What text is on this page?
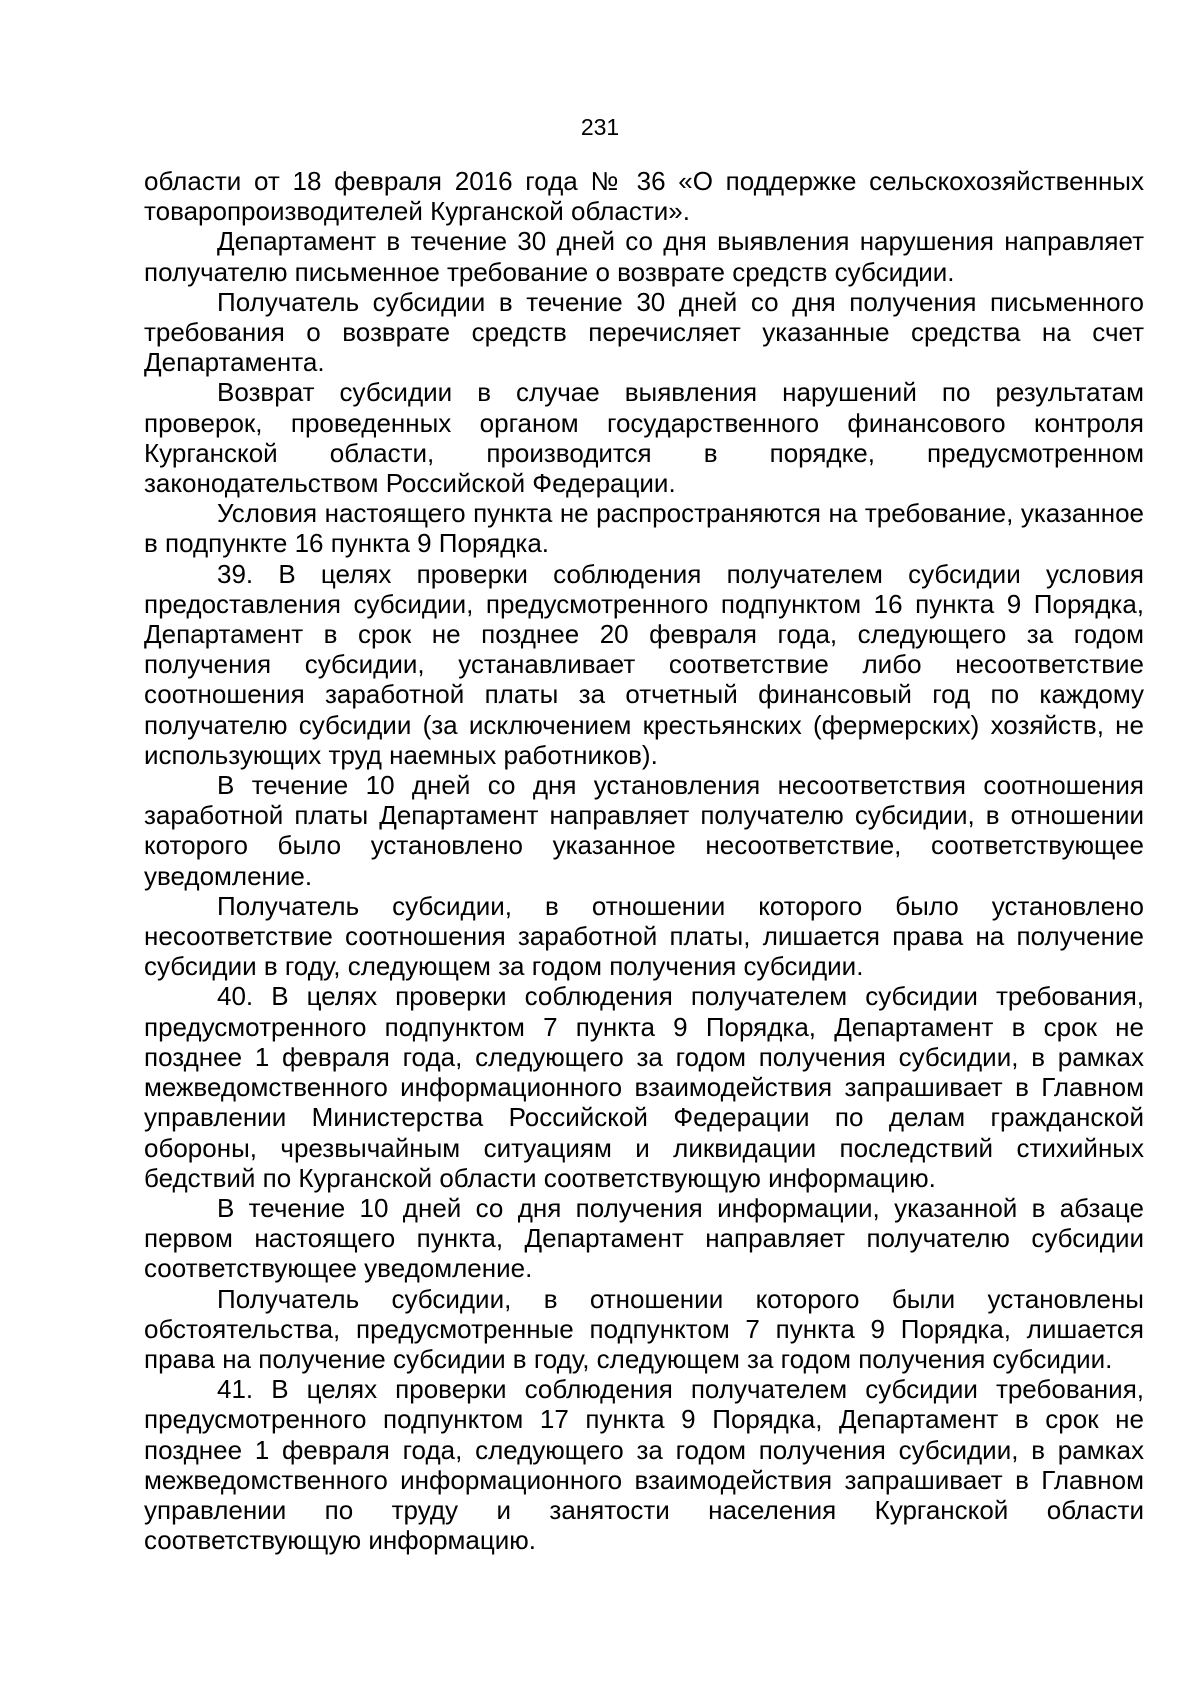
231

области от 18 февраля 2016 года № 36 «О поддержке сельскохозяйственных товаропроизводителей Курганской области».

Департамент в течение 30 дней со дня выявления нарушения направляет получателю письменное требование о возврате средств субсидии.

Получатель субсидии в течение 30 дней со дня получения письменного требования о возврате средств перечисляет указанные средства на счет Департамента.

Возврат субсидии в случае выявления нарушений по результатам проверок, проведенных органом государственного финансового контроля Курганской области, производится в порядке, предусмотренном законодательством Российской Федерации.

Условия настоящего пункта не распространяются на требование, указанное в подпункте 16 пункта 9 Порядка.

39. В целях проверки соблюдения получателем субсидии условия предоставления субсидии, предусмотренного подпунктом 16 пункта 9 Порядка, Департамент в срок не позднее 20 февраля года, следующего за годом получения субсидии, устанавливает соответствие либо несоответствие соотношения заработной платы за отчетный финансовый год по каждому получателю субсидии (за исключением крестьянских (фермерских) хозяйств, не использующих труд наемных работников).

В течение 10 дней со дня установления несоответствия соотношения заработной платы Департамент направляет получателю субсидии, в отношении которого было установлено указанное несоответствие, соответствующее уведомление.

Получатель субсидии, в отношении которого было установлено несоответствие соотношения заработной платы, лишается права на получение субсидии в году, следующем за годом получения субсидии.

40. В целях проверки соблюдения получателем субсидии требования, предусмотренного подпунктом 7 пункта 9 Порядка, Департамент в срок не позднее 1 февраля года, следующего за годом получения субсидии, в рамках межведомственного информационного взаимодействия запрашивает в Главном управлении Министерства Российской Федерации по делам гражданской обороны, чрезвычайным ситуациям и ликвидации последствий стихийных бедствий по Курганской области соответствующую информацию.

В течение 10 дней со дня получения информации, указанной в абзаце первом настоящего пункта, Департамент направляет получателю субсидии соответствующее уведомление.

Получатель субсидии, в отношении которого были установлены обстоятельства, предусмотренные подпунктом 7 пункта 9 Порядка, лишается права на получение субсидии в году, следующем за годом получения субсидии.

41. В целях проверки соблюдения получателем субсидии требования, предусмотренного подпунктом 17 пункта 9 Порядка, Департамент в срок не позднее 1 февраля года, следующего за годом получения субсидии, в рамках межведомственного информационного взаимодействия запрашивает в Главном управлении по труду и занятости населения Курганской области соответствующую информацию.
